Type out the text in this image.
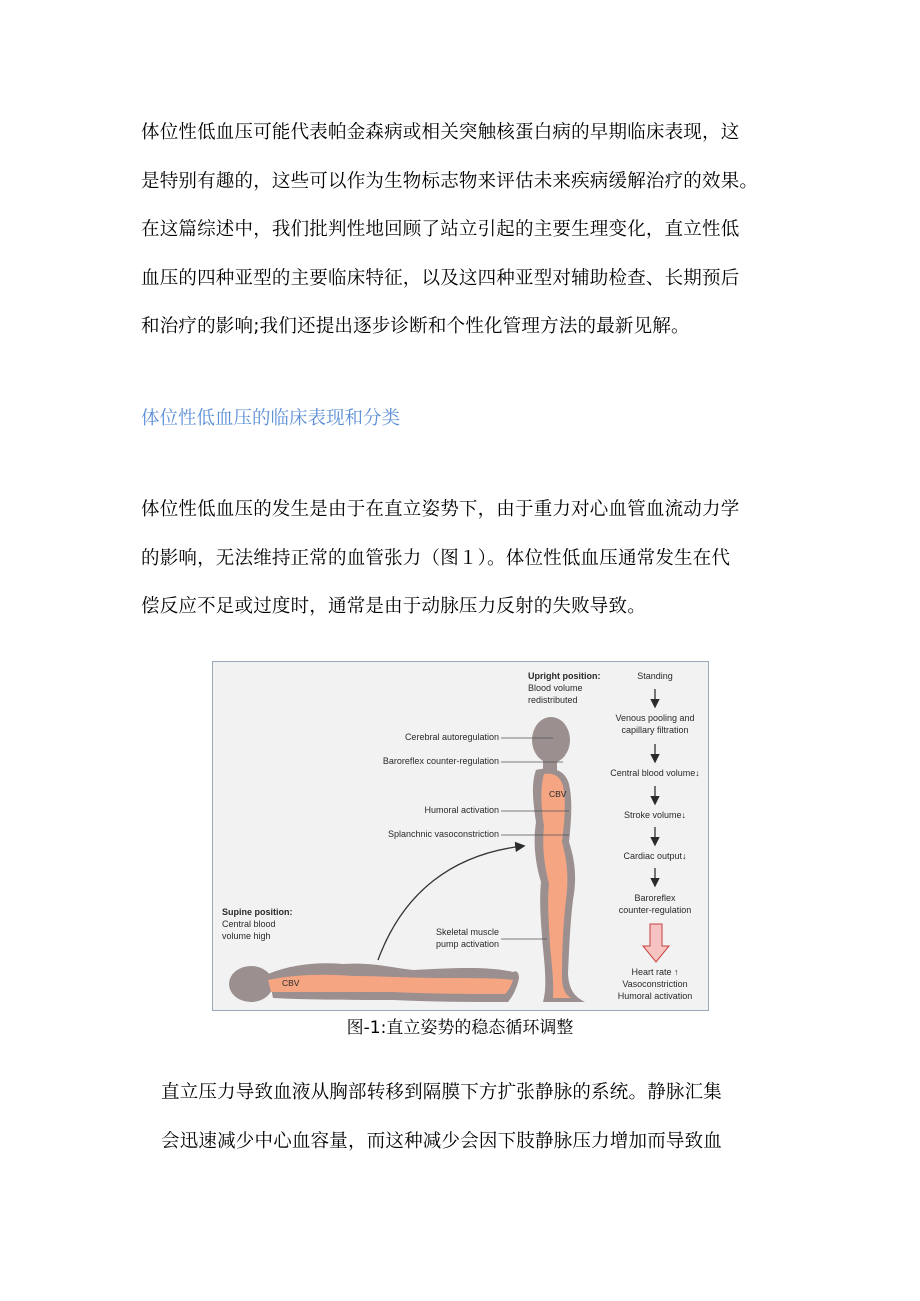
体位性低血压可能代表帕金森病或相关突触核蛋白病的早期临床表现，这
是特别有趣的，这些可以作为生物标志物来评估未来疾病缓解治疗的效果。
在这篇综述中，我们批判性地回顾了站立引起的主要生理变化，直立性低
血压的四种亚型的主要临床特征，以及这四种亚型对辅助检查、长期预后
和治疗的影响;我们还提出逐步诊断和个性化管理方法的最新见解。

体位性低血压的临床表现和分类

体位性低血压的发生是由于在直立姿势下，由于重力对心血管血流动力学
的影响，无法维持正常的血管张力（图１）。体位性低血压通常发生在代
偿反应不足或过度时，通常是由于动脉压力反射的失败导致。

Upright position:
Blood volume
redistributed
Supine position:
Central blood
volume high
CBV
CBV
Cerebral autoregulation
Baroreflex counter-regulation
Humoral activation
Splanchnic vasoconstriction
Skeletal muscle
pump activation
Standing
Venous pooling and
capillary filtration
Central blood volume↓
Stroke volume↓
Cardiac output↓
Baroreflex
counter-regulation
Heart rate ↑
Vasoconstriction
Humoral activation

图-1:直立姿势的稳态循环调整

直立压力导致血液从胸部转移到隔膜下方扩张静脉的系统。静脉汇集
会迅速减少中心血容量，而这种减少会因下肢静脉压力增加而导致血
